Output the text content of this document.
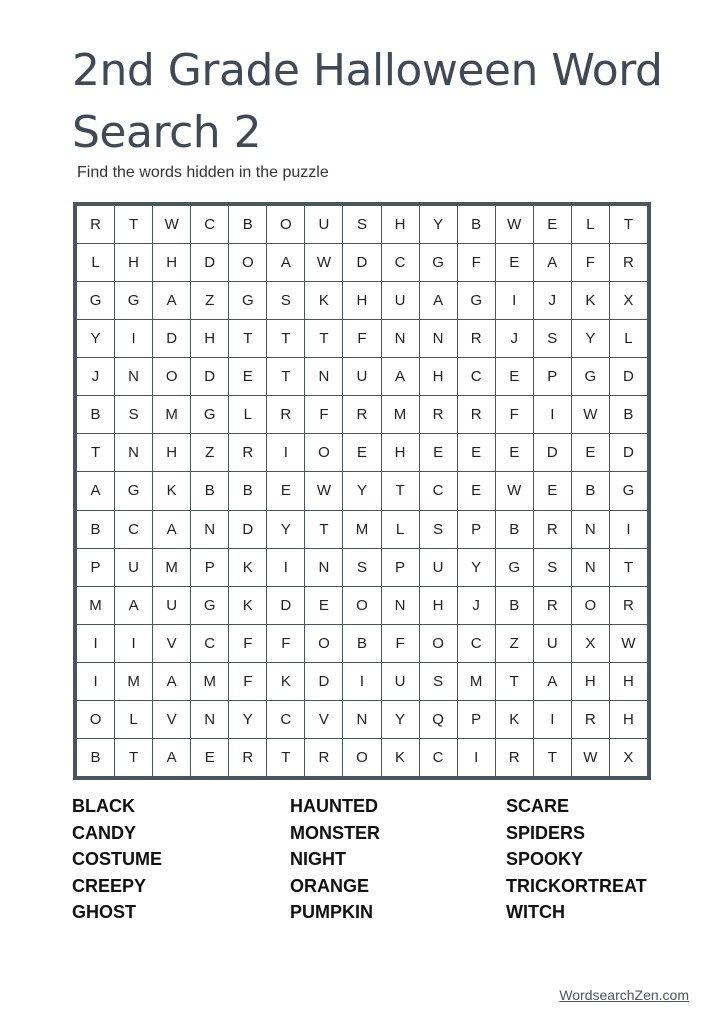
2nd Grade Halloween Word Search 2
Find the words hidden in the puzzle
R	T	W	C	B	O	U	S	H	Y	B	W	E	L	T
L	H	H	D	O	A	W	D	C	G	F	E	A	F	R
G	G	A	Z	G	S	K	H	U	A	G	I	J	K	X
Y	I	D	H	T	T	T	F	N	N	R	J	S	Y	L
J	N	O	D	E	T	N	U	A	H	C	E	P	G	D
B	S	M	G	L	R	F	R	M	R	R	F	I	W	B
T	N	H	Z	R	I	O	E	H	E	E	E	D	E	D
A	G	K	B	B	E	W	Y	T	C	E	W	E	B	G
B	C	A	N	D	Y	T	M	L	S	P	B	R	N	I
P	U	M	P	K	I	N	S	P	U	Y	G	S	N	T
M	A	U	G	K	D	E	O	N	H	J	B	R	O	R
I	I	V	C	F	F	O	B	F	O	C	Z	U	X	W
I	M	A	M	F	K	D	I	U	S	M	T	A	H	H
O	L	V	N	Y	C	V	N	Y	Q	P	K	I	R	H
B	T	A	E	R	T	R	O	K	C	I	R	T	W	X
BLACK
CANDY
COSTUME
CREEPY
GHOST
HAUNTED
MONSTER
NIGHT
ORANGE
PUMPKIN
SCARE
SPIDERS
SPOOKY
TRICKORTREAT
WITCH
WordsearchZen.com
